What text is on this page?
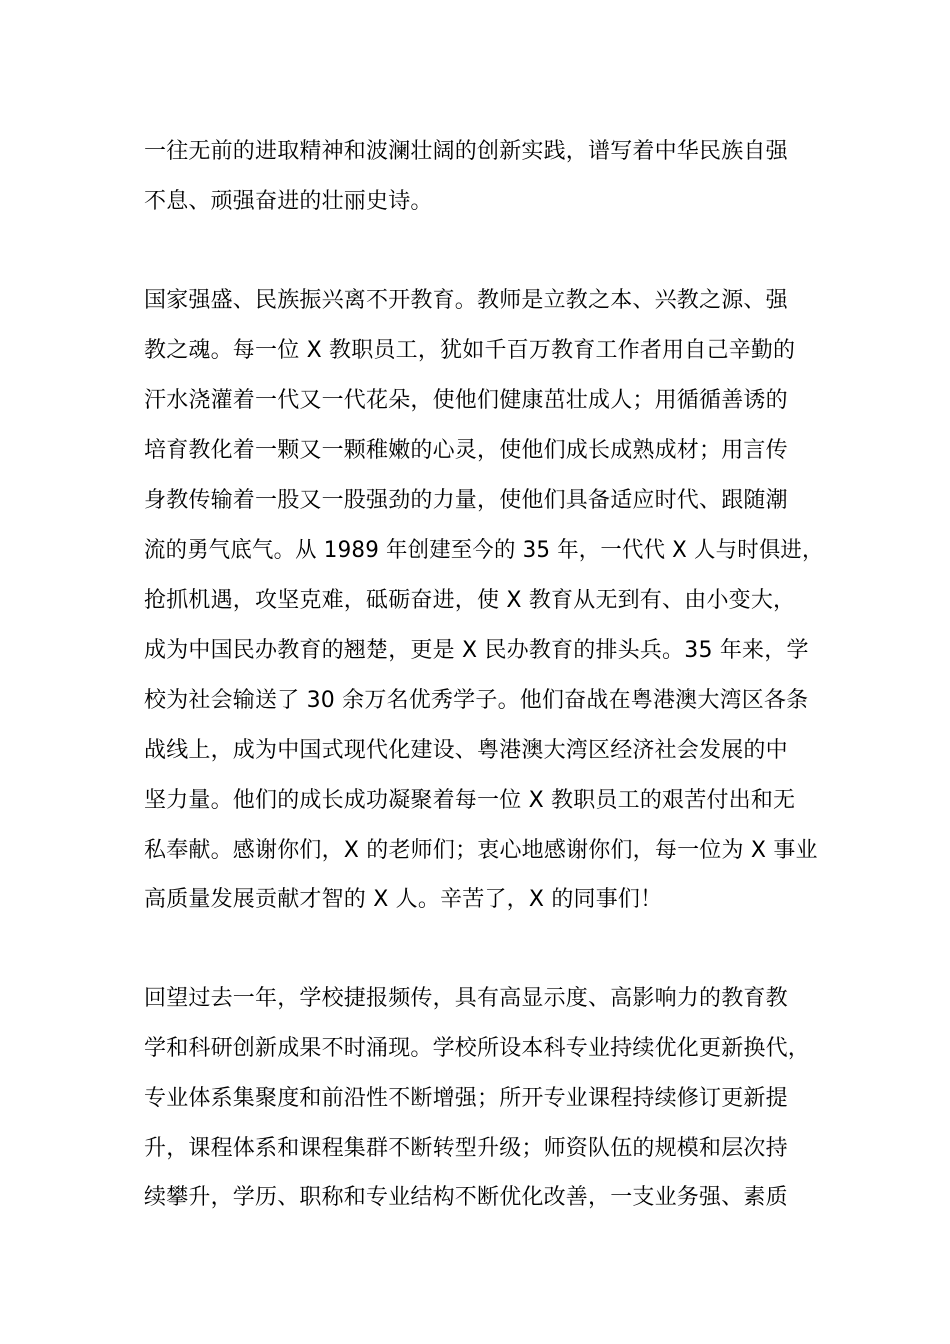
一往无前的进取精神和波澜壮阔的创新实践，谱写着中华民族自强

不息、顽强奋进的壮丽史诗。

国家强盛、民族振兴离不开教育。教师是立教之本、兴教之源、强

教之魂。每一位 X 教职员工，犹如千百万教育工作者用自己辛勤的

汗水浇灌着一代又一代花朵，使他们健康茁壮成人；用循循善诱的

培育教化着一颗又一颗稚嫩的心灵，使他们成长成熟成材；用言传

身教传输着一股又一股强劲的力量，使他们具备适应时代、跟随潮

流的勇气底气。从 1989 年创建至今的 35 年，一代代 X 人与时俱进，

抢抓机遇，攻坚克难，砥砺奋进，使 X 教育从无到有、由小变大，

成为中国民办教育的翘楚，更是 X 民办教育的排头兵。35 年来，学

校为社会输送了 30 余万名优秀学子。他们奋战在粤港澳大湾区各条

战线上，成为中国式现代化建设、粤港澳大湾区经济社会发展的中

坚力量。他们的成长成功凝聚着每一位 X 教职员工的艰苦付出和无

私奉献。感谢你们，X 的老师们；衷心地感谢你们，每一位为 X 事业

高质量发展贡献才智的 X 人。辛苦了，X 的同事们！

回望过去一年，学校捷报频传，具有高显示度、高影响力的教育教

学和科研创新成果不时涌现。学校所设本科专业持续优化更新换代，

专业体系集聚度和前沿性不断增强；所开专业课程持续修订更新提

升，课程体系和课程集群不断转型升级；师资队伍的规模和层次持

续攀升，学历、职称和专业结构不断优化改善，一支业务强、素质
